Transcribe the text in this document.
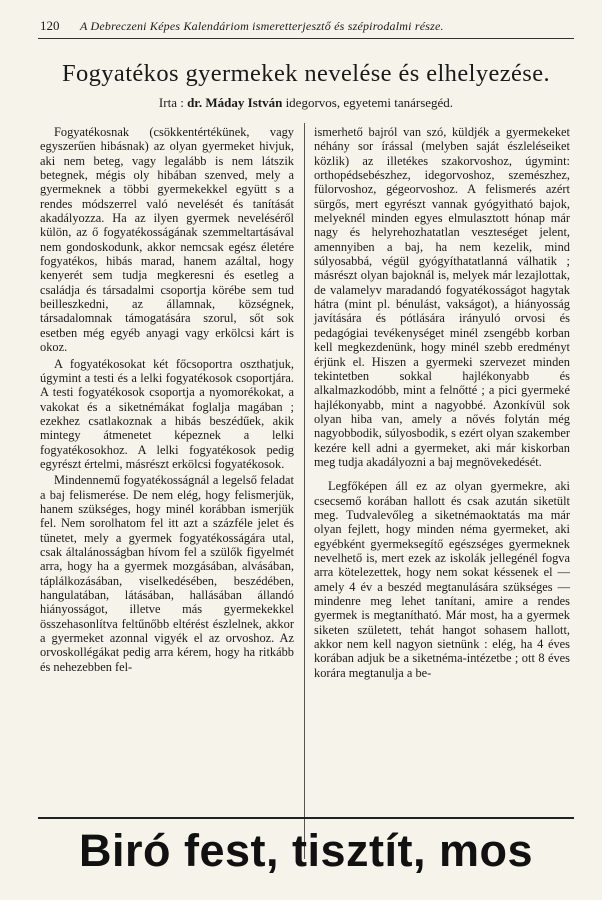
120	A Debreczeni Képes Kalendáriom ismeretterjesztő és szépirodalmi része.
Fogyatékos gyermekek nevelése és elhelyezése.
Irta : dr. Máday István idegorvos, egyetemi tanársegéd.

Fogyatékosnak (csökkentértékünek, vagy egyszerűen hibásnak) az olyan gyermeket hivjuk, aki nem beteg, vagy legalább is nem látszik betegnek, mégis oly hibában szenved, mely a gyermeknek a többi gyermekekkel együtt s a rendes módszerrel való nevelését és tanítását akadályozza. Ha az ilyen gyermek neveléséről külön, az ő fogyatékosságának szemmeltartásával nem gondoskodunk, akkor nemcsak egész életére fogyatékos, hibás marad, hanem azáltal, hogy kenyerét sem tudja megkeresni és esetleg a családja és társadalmi csoportja körébe sem tud beilleszkedni, az államnak, községnek, társadalomnak támogatására szorul, sőt sok esetben még egyéb anyagi vagy erkölcsi kárt is okoz.

A fogyatékosokat két főcsoportra oszthatjuk, úgymint a testi és a lelki fogyatékosok csoportjára. A testi fogyatékosok csoportja a nyomorékokat, a vakokat és a siketnémákat foglalja magában ; ezekhez csatlakoznak a hibás beszédűek, akik mintegy átmenetet képeznek a lelki fogyatékosokhoz. A lelki fogyatékosok pedig egyrészt értelmi, másrészt erkölcsi fogyatékosok.

Mindennemű fogyatékosságnál a legelső feladat a baj felismerése. De nem elég, hogy felismerjük, hanem szükséges, hogy minél korábban ismerjük fel. Nem sorolhatom fel itt azt a százféle jelet és tünetet, mely a gyermek fogyatékosságára utal, csak általánosságban hívom fel a szülők figyelmét arra, hogy ha a gyermek mozgásában, alvásában, táplálkozásában, viselkedésében, beszédében, hangulatában, látásában, hallásában állandó hiányosságot, illetve más gyermekekkel összehasonlítva feltűnőbb eltérést észlelnek, akkor a gyermeket azonnal vigyék el az orvoshoz. Az orvoskollégákat pedig arra kérem, hogy ha ritkább és nehezebben fel-

ismerhető bajról van szó, küldjék a gyermekeket néhány sor írással (melyben saját észleléseiket közlik) az illetékes szakorvoshoz, úgymint: orthopédsebészhez, idegorvoshoz, szemészhez, fülorvoshoz, gégeorvoshoz. A felismerés azért sürgős, mert egyrészt vannak gyógyitható bajok, melyeknél minden egyes elmulasztott hónap már nagy és helyrehozhatatlan veszteséget jelent, amennyiben a baj, ha nem kezelik, mind súlyosabbá, végül gyógyíthatatlanná válhatik ; másrészt olyan bajoknál is, melyek már lezajlottak, de valamelyv maradandó fogyatékosságot hagytak hátra (mint pl. bénulást, vakságot), a hiányosság javítására és pótlására irányuló orvosi és pedagógiai tevékenységet minél zsengébb korban kell megkezdenünk, hogy minél szebb eredményt érjünk el. Hiszen a gyermeki szervezet minden tekintetben sokkal hajlékonyabb és alkalmazkodóbb, mint a felnőtté ; a pici gyermeké hajlékonyabb, mint a nagyobbé. Azonkívül sok olyan hiba van, amely a nővés folytán még nagyobbodik, súlyosbodik, s ezért olyan szakember kezére kell adni a gyermeket, aki már kiskorban meg tudja akadályozni a baj megnövekedését.

Legfőképen áll ez az olyan gyermekre, aki csecsemő korában hallott és csak azután siketült meg. Tudvalevőleg a siketnémaoktatás ma már olyan fejlett, hogy minden néma gyermeket, aki egyébként gyermeksegítő egészséges gyermeknek nevelhető is, mert ezek az iskolák jellegénél fogva arra kötelezettek, hogy nem sokat késsenek el — amely 4 év a beszéd megtanulására szükséges — mindenre meg lehet tanítani, amire a rendes gyermek is megtanítható. Már most, ha a gyermek siketen született, tehát hangot sohasem hallott, akkor nem kell nagyon sietnünk : elég, ha 4 éves korában adjuk be a siketnéma-intézetbe ; ott 8 éves korára megtanulja a be-

Biró fest, tisztít, mos
